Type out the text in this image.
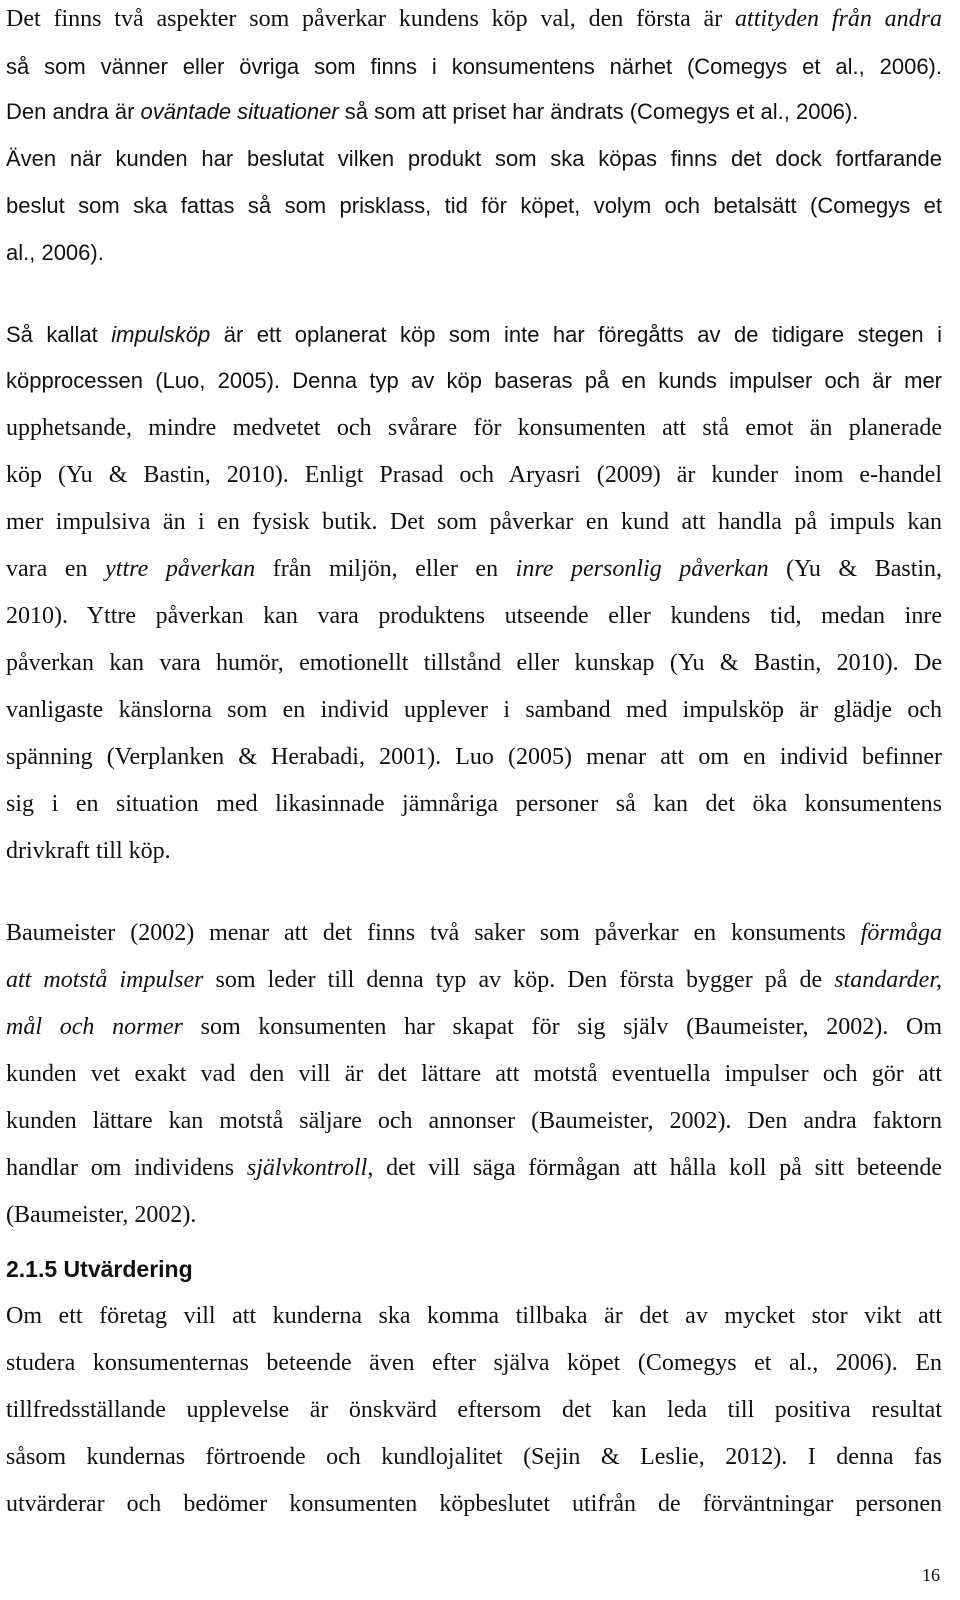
Det finns två aspekter som påverkar kundens köp val, den första är attityden från andra
så som vänner eller övriga som finns i konsumentens närhet (Comegys et al., 2006).
Den andra är oväntade situationer så som att priset har ändrats (Comegys et al., 2006).
Även när kunden har beslutat vilken produkt som ska köpas finns det dock fortfarande
beslut som ska fattas så som prisklass, tid för köpet, volym och betalsätt (Comegys et
al., 2006).
Så kallat impulsköp är ett oplanerat köp som inte har föregåtts av de tidigare stegen i
köpprocessen (Luo, 2005). Denna typ av köp baseras på en kunds impulser och är mer
upphetsande, mindre medvetet och svårare för konsumenten att stå emot än planerade
köp (Yu & Bastin, 2010). Enligt Prasad och Aryasri (2009) är kunder inom e-handel
mer impulsiva än i en fysisk butik. Det som påverkar en kund att handla på impuls kan
vara en yttre påverkan från miljön, eller en inre personlig påverkan (Yu & Bastin,
2010). Yttre påverkan kan vara produktens utseende eller kundens tid, medan inre
påverkan kan vara humör, emotionellt tillstånd eller kunskap (Yu & Bastin, 2010). De
vanligaste känslorna som en individ upplever i samband med impulsköp är glädje och
spänning (Verplanken & Herabadi, 2001). Luo (2005) menar att om en individ befinner
sig i en situation med likasinnade jämnåriga personer så kan det öka konsumentens
drivkraft till köp.
Baumeister (2002) menar att det finns två saker som påverkar en konsuments förmåga
att motstå impulser som leder till denna typ av köp. Den första bygger på de standarder,
mål och normer som konsumenten har skapat för sig själv (Baumeister, 2002). Om
kunden vet exakt vad den vill är det lättare att motstå eventuella impulser och gör att
kunden lättare kan motstå säljare och annonser (Baumeister, 2002). Den andra faktorn
handlar om individens självkontroll, det vill säga förmågan att hålla koll på sitt beteende
(Baumeister, 2002).
2.1.5 Utvärdering
Om ett företag vill att kunderna ska komma tillbaka är det av mycket stor vikt att
studera konsumenternas beteende även efter själva köpet (Comegys et al., 2006). En
tillfredsställande upplevelse är önskvärd eftersom det kan leda till positiva resultat
såsom kundernas förtroende och kundlojalitet (Sejin & Leslie, 2012). I denna fas
utvärderar och bedömer konsumenten köpbeslutet utifrån de förväntningar personen
16
